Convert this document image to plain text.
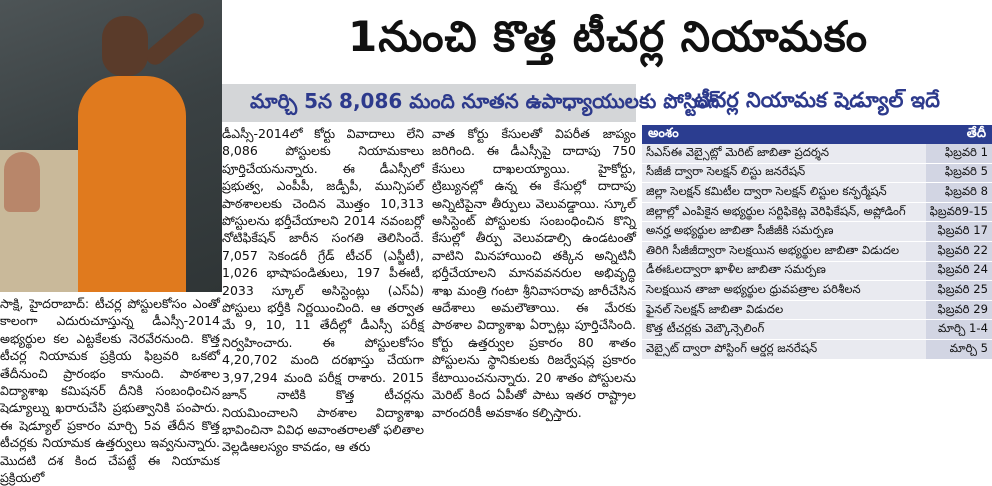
1నుంచి కొత్త టీచర్ల నియామకం
మార్చి 5న 8,086 మంది నూతన ఉపాధ్యాయులకు పోస్టింగ్

సాక్షి, హైదరాబాద్: టీచర్ల పోస్టులకోసం ఎంతో కాలంగా ఎదురుచూస్తున్న డీఎస్సీ-2014 అభ్యర్థుల కల ఎట్టకేలకు నెరవేరనుంది. కొత్త టీచర్ల నియామక ప్రక్రియ ఫిబ్రవరి ఒకటో తేదీనుంచి ప్రారంభం కానుంది. పాఠశాల విద్యాశాఖ కమిషనర్ దీనికి సంబంధించిన షెడ్యూల్ను ఖరారుచేసి ప్రభుత్వానికి పంపారు. ఈ షెడ్యూల్ ప్రకారం మార్చి 5వ తేదీన కొత్త టీచర్లకు నియామక ఉత్తర్వులు ఇవ్వనున్నారు. మొదటి దశ కింద చేపట్టే ఈ నియామక ప్రక్రియలో

డీఎస్సీ-2014లో కోర్టు వివాదాలు లేని 8,086 పోస్టులకు నియామకాలు పూర్తిచేయనున్నారు. ఈ డీఎస్సీలో ప్రభుత్వ, ఎంపీపీ, జడ్పీపీ, మున్సిపల్ పాఠశాలలకు చెందిన మొత్తం 10,313 పోస్టులను భర్తీచేయాలని 2014 నవంబర్లో నోటిఫికేషన్ జారీన సంగతి తెలిసిందే. 7,057 సెకండరీ గ్రేడ్ టీచర్ (ఎస్జీటీ), 1,026 భాషాపండితులు, 197 పీఈటీ, 2033 స్కూల్ అసిస్టెంట్లు (ఎస్ఏ) పోస్టులు భర్తీకి నిర్ణయించింది. ఆ తర్వాత మే 9, 10, 11 తేదీల్లో డీఎస్సీ పరీక్ష నిర్వహించారు. ఈ పోస్టులకోసం 4,20,702 మంది దరఖాస్తు చేయగా 3,97,294 మంది పరీక్ష రాశారు. 2015 జూన్ నాటికి కొత్త టీచర్లను నియమించాలని పాఠశాల విద్యాశాఖ భావించినా వివిధ అవాంతరాలతో ఫలితాల వెల్లడిఆలస్యం కావడం, ఆ తరు

వాత కోర్టు కేసులతో విపరీత జాప్యం జరిగింది. ఈ డీఎస్సీపై దాదాపు 750 కేసులు దాఖలయ్యాయి. హైకోర్టు, ట్రిబ్యునల్లో ఉన్న ఈ కేసుల్లో దాదాపు అన్నిటిపైనా తీర్పులు వెలువడ్డాయి. స్కూల్ అసిస్టెంట్ పోస్టులకు సంబంధించిన కొన్ని కేసుల్లో తీర్పు వెలువడాల్సి ఉండటంతో వాటిని మినహాయించి తక్కిన అన్నిటినీ భర్తీచేయాలని మానవవనరుల అభివృద్ధి శాఖ మంత్రి గంటా శ్రీనివాసరావు జారీచేసిన ఆదేశాలు అమలౌతాయి. ఈ మేరకు పాఠశాల విద్యాశాఖ ఏర్పాట్లు పూర్తిచేసింది. కోర్టు ఉత్తర్వుల ప్రకారం 80 శాతం పోస్టులను స్థానికులకు రిజర్వేషన్ల ప్రకారం కేటాయించనున్నారు. 20 శాతం పోస్టులను మెరిట్ కింద ఏపీతో పాటు ఇతర రాష్ట్రాల వారందరికీ అవకాశం కల్పిస్తారు.

టీచర్ల నియామక షెడ్యూల్ ఇదే
అంశం	తేదీ
సీఎస్ఈ వెబ్సైట్లో మెరిట్ జాబితా ప్రదర్శన	ఫిబ్రవరి 1
సీజీజీ ద్వారా సెలక్షన్ లిస్టు జనరేషన్	ఫిబ్రవరి 5
జిల్లా సెలక్షన్ కమిటీల ద్వారా సెలక్షన్ లిస్టుల కన్ఫర్మేషన్	ఫిబ్రవరి 8
జిల్లాల్లో ఎంపికైన అభ్యర్థుల సర్టిఫికెట్ల వెరిఫికేషన్, అప్లోడింగ్	ఫిబ్రవరి9-15
అనర్హ అభ్యర్థుల జాబితా సీజీజీకి సమర్పణ	ఫిబ్రవరి 17
తిరిగి సీజీజీద్వారా సెలక్షయిన అభ్యర్థుల జాబితా విడుదల	ఫిబ్రవరి 22
డీఈఓలద్వారా ఖాళీల జాబితా సమర్పణ	ఫిబ్రవరి 24
సెలక్షయిన తాజా అభ్యర్థుల ధ్రువపత్రాల పరిశీలన	ఫిబ్రవరి 25
ఫైనల్ సెలక్షన్ జాబితా విడుదల	ఫిబ్రవరి 29
కొత్త టీచర్లకు వెబ్కౌన్సెలింగ్	మార్చి 1-4
వెబ్సైట్ ద్వారా పోస్టింగ్ ఆర్డర్ల జనరేషన్	మార్చి 5
